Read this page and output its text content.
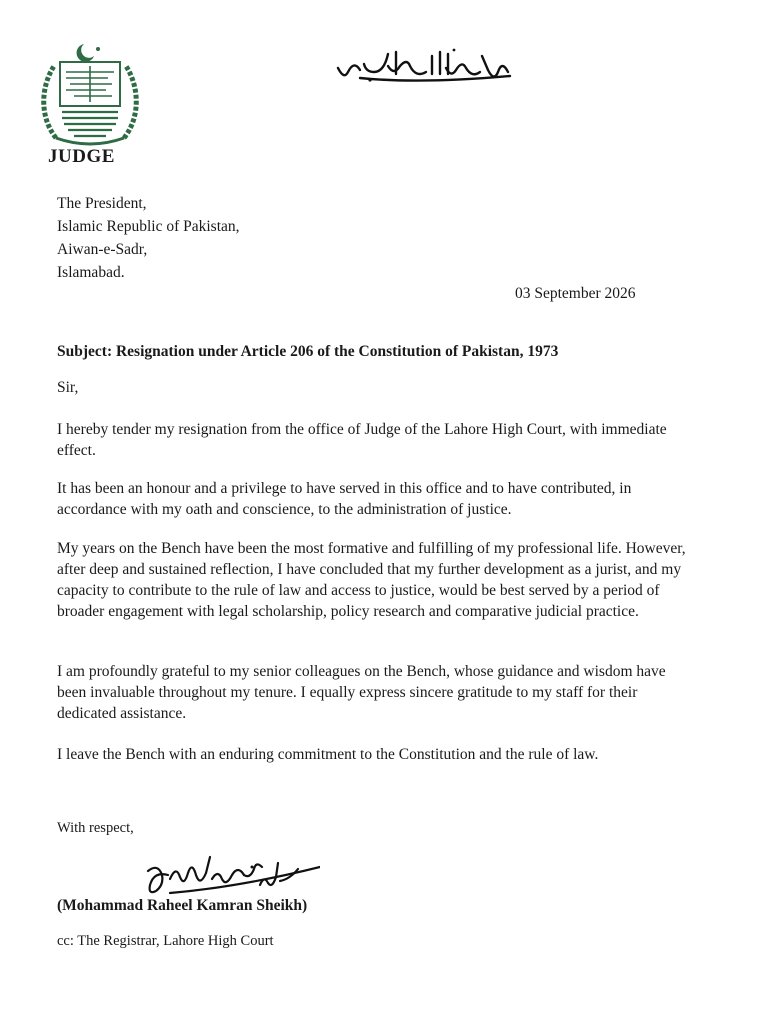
JUDGE
The President,
Islamic Republic of Pakistan,
Aiwan-e-Sadr,
Islamabad.
03 September 2026
Subject: Resignation under Article 206 of the Constitution of Pakistan, 1973
Sir,
I hereby tender my resignation from the office of Judge of the Lahore High Court, with immediate effect.
It has been an honour and a privilege to have served in this office and to have contributed, in accordance with my oath and conscience, to the administration of justice.
My years on the Bench have been the most formative and fulfilling of my professional life. However, after deep and sustained reflection, I have concluded that my further development as a jurist, and my capacity to contribute to the rule of law and access to justice, would be best served by a period of broader engagement with legal scholarship, policy research and comparative judicial practice.
I am profoundly grateful to my senior colleagues on the Bench, whose guidance and wisdom have been invaluable throughout my tenure. I equally express sincere gratitude to my staff for their dedicated assistance.
I leave the Bench with an enduring commitment to the Constitution and the rule of law.
With respect,
(Mohammad Raheel Kamran Sheikh)
cc: The Registrar, Lahore High Court
